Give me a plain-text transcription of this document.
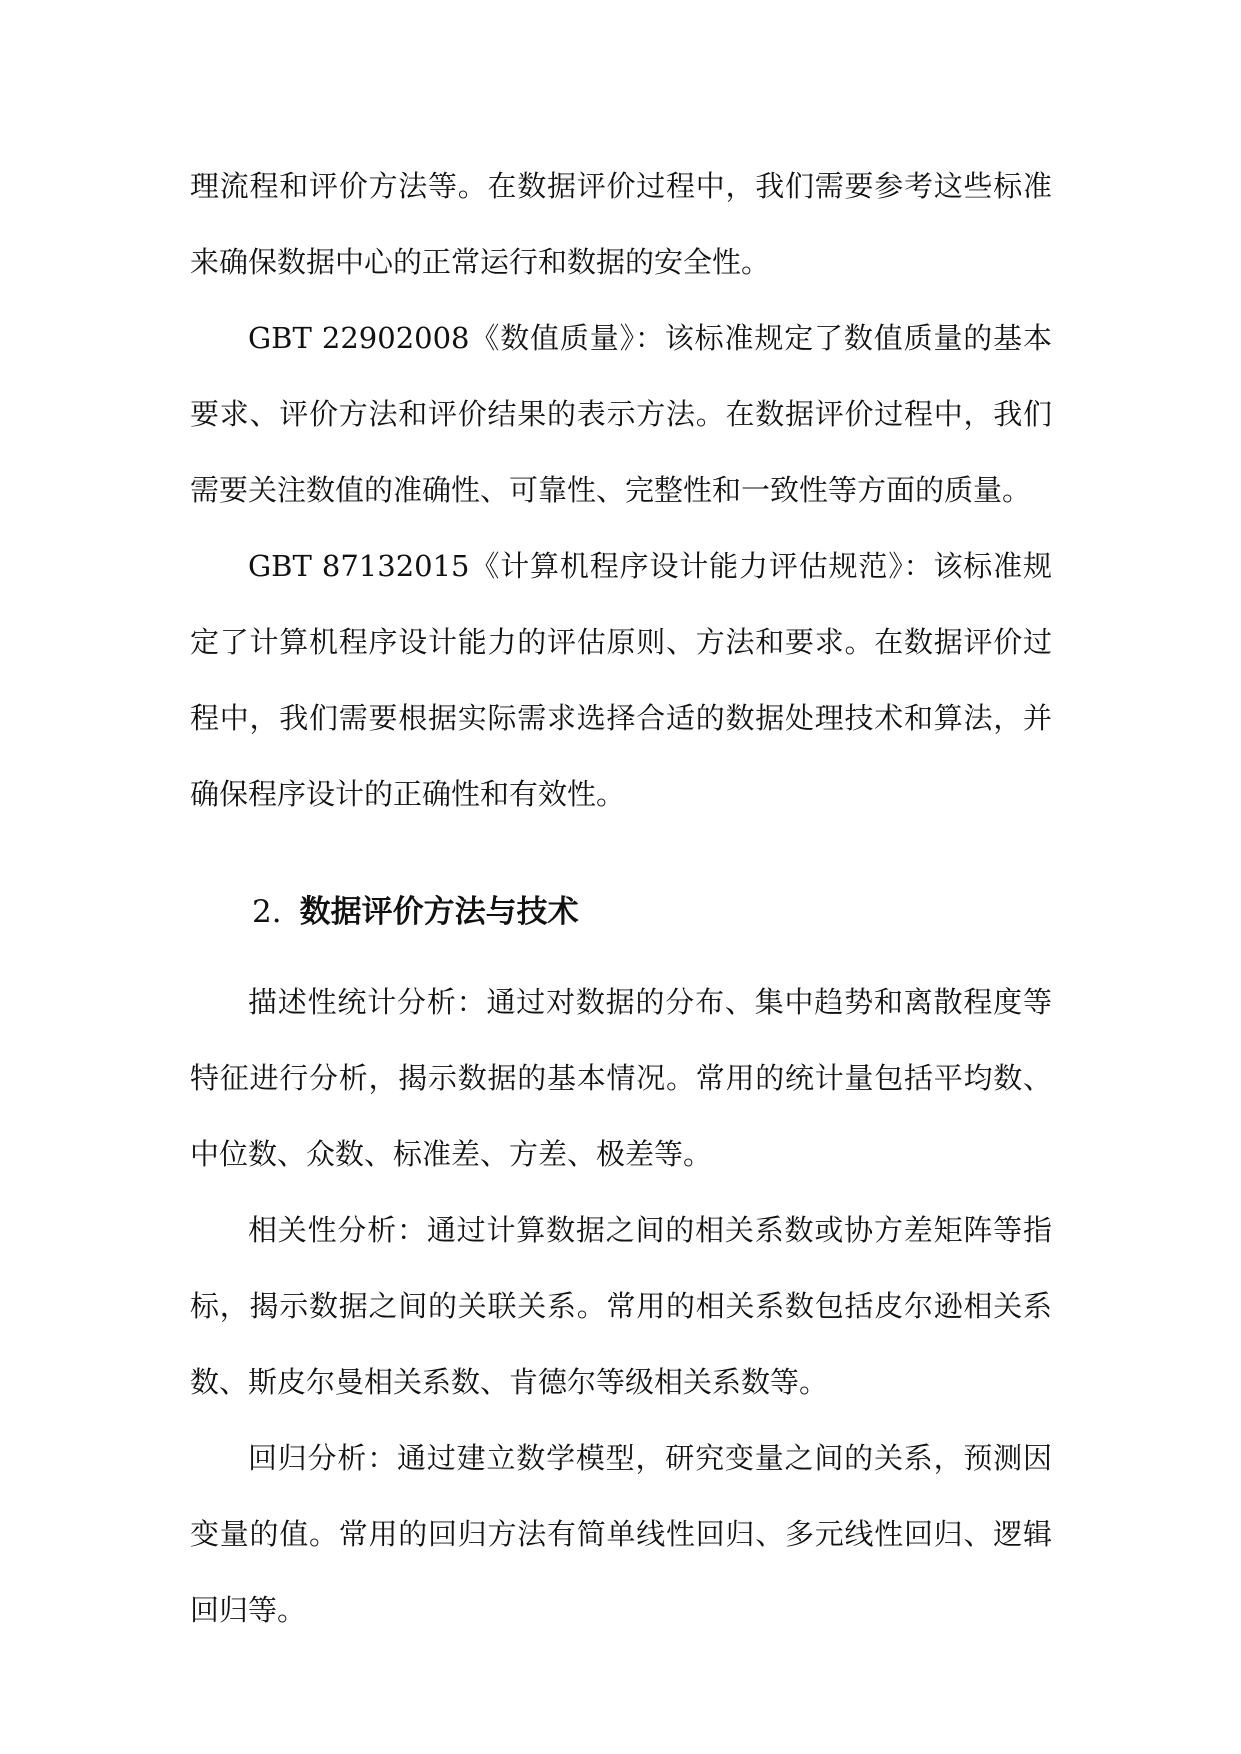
理流程和评价方法等。在数据评价过程中，我们需要参考这些标准来确保数据中心的正常运行和数据的安全性。

GBT 22902008《数值质量》：该标准规定了数值质量的基本要求、评价方法和评价结果的表示方法。在数据评价过程中，我们需要关注数值的准确性、可靠性、完整性和一致性等方面的质量。

GBT 87132015《计算机程序设计能力评估规范》：该标准规定了计算机程序设计能力的评估原则、方法和要求。在数据评价过程中，我们需要根据实际需求选择合适的数据处理技术和算法，并确保程序设计的正确性和有效性。

2. 数据评价方法与技术

描述性统计分析：通过对数据的分布、集中趋势和离散程度等特征进行分析，揭示数据的基本情况。常用的统计量包括平均数、中位数、众数、标准差、方差、极差等。

相关性分析：通过计算数据之间的相关系数或协方差矩阵等指标，揭示数据之间的关联关系。常用的相关系数包括皮尔逊相关系数、斯皮尔曼相关系数、肯德尔等级相关系数等。

回归分析：通过建立数学模型，研究变量之间的关系，预测因变量的值。常用的回归方法有简单线性回归、多元线性回归、逻辑回归等。
